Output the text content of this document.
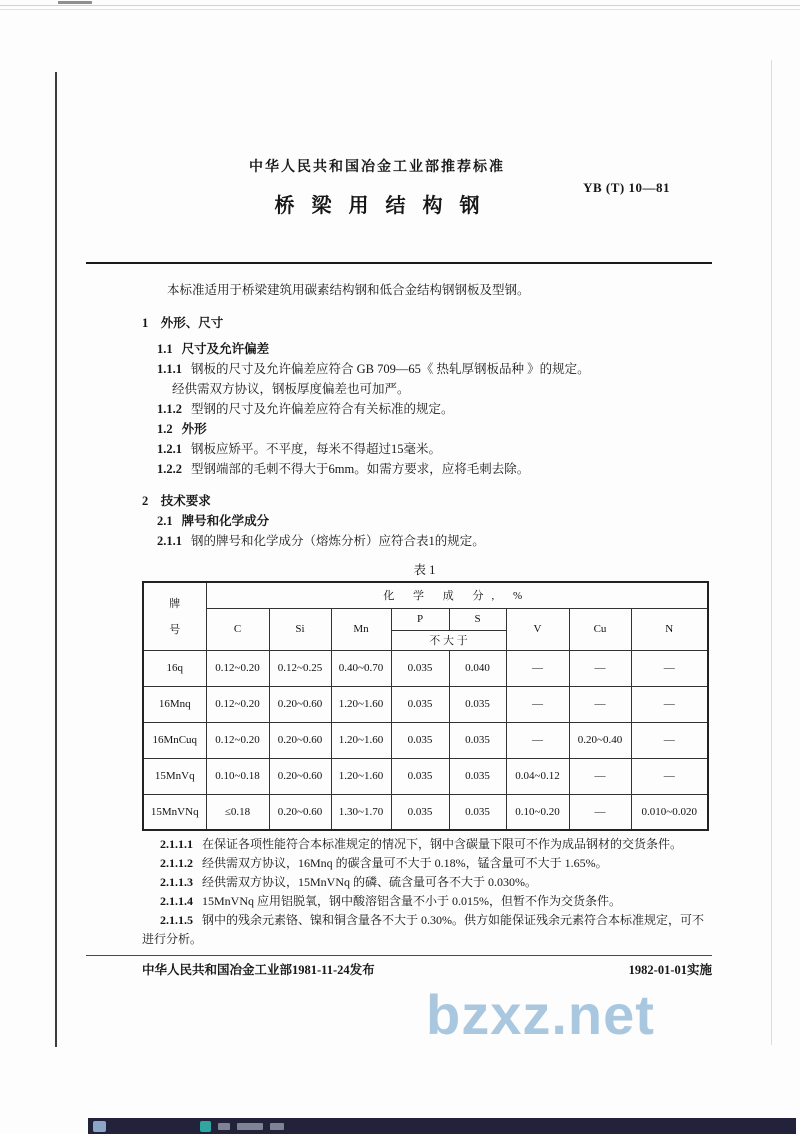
中华人民共和国冶金工业部推荐标准
YB (T) 10—81
桥梁用结构钢

本标准适用于桥梁建筑用碳素结构钢和低合金结构钢钢板及型钢。

1　外形、尺寸

1.1 尺寸及允许偏差

1.1.1 钢板的尺寸及允许偏差应符合 GB 709—65《 热轧厚钢板品种 》的规定。

经供需双方协议，钢板厚度偏差也可加严。

1.1.2 型钢的尺寸及允许偏差应符合有关标准的规定。

1.2 外形

1.2.1 钢板应矫平。不平度，每米不得超过15毫米。

1.2.2 型钢端部的毛刺不得大于6mm。如需方要求，应将毛刺去除。

2　技术要求

2.1 牌号和化学成分

2.1.1 钢的牌号和化学成分（熔炼分析）应符合表1的规定。

表 1
牌
号	化 学 成 分, %							
	C	Si	Mn	P	S	V	Cu	N
				不 大 于				
16q	0.12~0.20	0.12~0.25	0.40~0.70	0.035	0.040	—	—	—
16Mnq	0.12~0.20	0.20~0.60	1.20~1.60	0.035	0.035	—	—	—
16MnCuq	0.12~0.20	0.20~0.60	1.20~1.60	0.035	0.035	—	0.20~0.40	—
15MnVq	0.10~0.18	0.20~0.60	1.20~1.60	0.035	0.035	0.04~0.12	—	—
15MnVNq	≤0.18	0.20~0.60	1.30~1.70	0.035	0.035	0.10~0.20	—	0.010~0.020

2.1.1.1 在保证各项性能符合本标准规定的情况下，钢中含碳量下限可不作为成品钢材的交货条件。

2.1.1.2 经供需双方协议，16Mnq 的碳含量可不大于 0.18%，锰含量可不大于 1.65%。

2.1.1.3 经供需双方协议，15MnVNq 的磷、硫含量可各不大于 0.030%。

2.1.1.4 15MnVNq 应用铝脱氧，钢中酸溶铝含量不小于 0.015%，但暂不作为交货条件。

2.1.1.5 钢中的残余元素铬、镍和铜含量各不大于 0.30%。供方如能保证残余元素符合本标准规定，可不进行分析。

中华人民共和国冶金工业部1981-11-24发布	1982-01-01实施
bzxz.net
